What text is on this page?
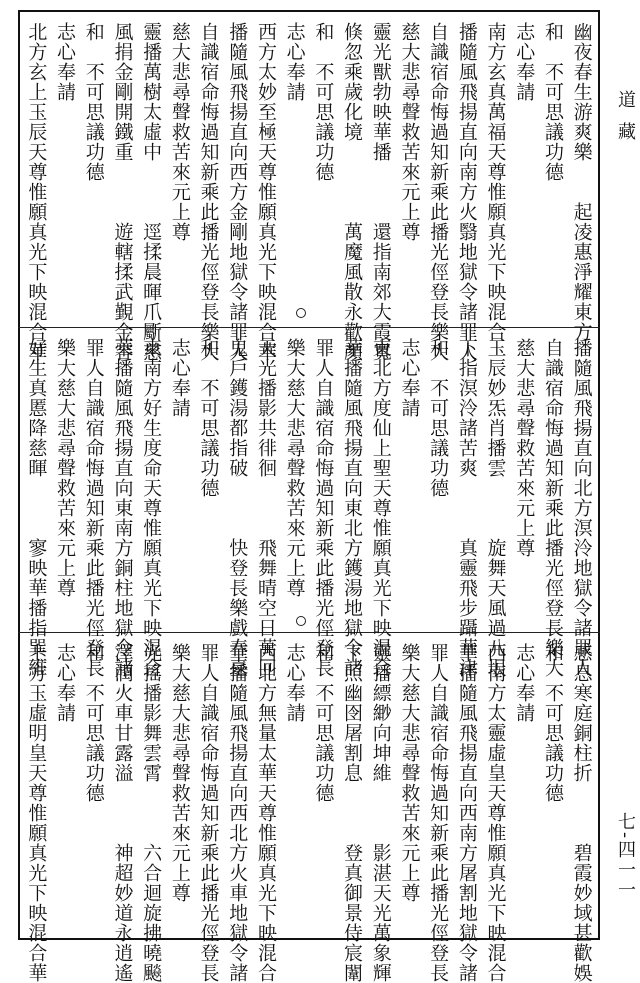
幽夜春生游爽樂　　起凌惠淨耀東方
和　不可思議功德
志心奉請
南方玄真萬福天尊惟願真光下映混合
播隨風飛揚直向南方火翳地獄令諸罪人
自識宿命悔過知新乘此播光俓登長樂大
慈大悲尋聲救苦來元上尊
靈光獸勃映華播　　　還指南郊大霞寬
倏忽乘歲化境　　　　萬魔風散永歡顏
和　不可思議功德
志心奉請
西方太妙至極天尊惟願真光下映混合華
播隨風飛揚直向西方金剛地獄令諸罪人
自識宿命悔過知新乘此播光俓登長樂大
慈大悲尋聲救苦來元上尊
靈播萬樹太虛中　　　逕揉晨暉爪斸慈
風捐金剛開鐵重　　　遊轄揉武覲金容
和　不可思議功德
志心奉請
北方玄上玉辰天尊惟願真光下映混合華
播隨風飛揚直向北方溟泠地獄令諸罪人
自識宿命悔過知新乘此播光俓登長樂大
慈大悲尋聲救苦來元上尊
玉辰妙炁肖播雲　　　旋舞天風過八垠
下指溟泠諸苦爽　　　真靈飛步躡華津
和　不可思議功德
志心奉請
東北方度仙上聖天尊惟願真光下映混合
華播隨風飛揚直向東北方鑊湯地獄令諸
罪人自識宿命悔過知新乘此播光俓登長
樂大慈大悲尋聲救苦來元上尊
天光播影共徘徊　　　飛舞晴空日萬回
鬼戶鑊湯都指破　　　快登長樂戲春臺
和　不可思議功德
志心奉請
東南方好生度命天尊惟願真光下映混合
華播隨風飛揚直向東南方銅柱地獄令諸
罪人自識宿命悔過知新乘此播光俓登長
樂大慈大悲尋聲救苦來元上尊
好生真慝降慈暉　　　寥映華播指巽維
感息寒庭銅柱折　　　碧霞妙域甚歡娛
和　不可思議功德
志心奉請
西南方太靈虛皇天尊惟願真光下映混合
華播隨風飛揚直向西南方屠割地獄令諸
罪人自識宿命悔過知新乘此播光俓登長
樂大慈大悲尋聲救苦來元上尊
靈播縹緲向坤維　　　影湛天光萬象輝
下照幽囹屠割息　　　登真御景侍宸闈
和　不可思議功德
志心奉請
西北方無量太華天尊惟願真光下映混合
華播隨風飛揚直向西北方火車地獄令諸
罪人自識宿命悔過知新乘此播光俓登長
樂大慈大悲尋聲救苦來元上尊
光搖播影舞雲霄　　　六合迴旋拂曉飈
澤潤火車甘露溢　　　神超妙道永逍遙
和　不可思議功德
志心奉請
上方玉虛明皇天尊惟願真光下映混合華
道藏
七-四一一
